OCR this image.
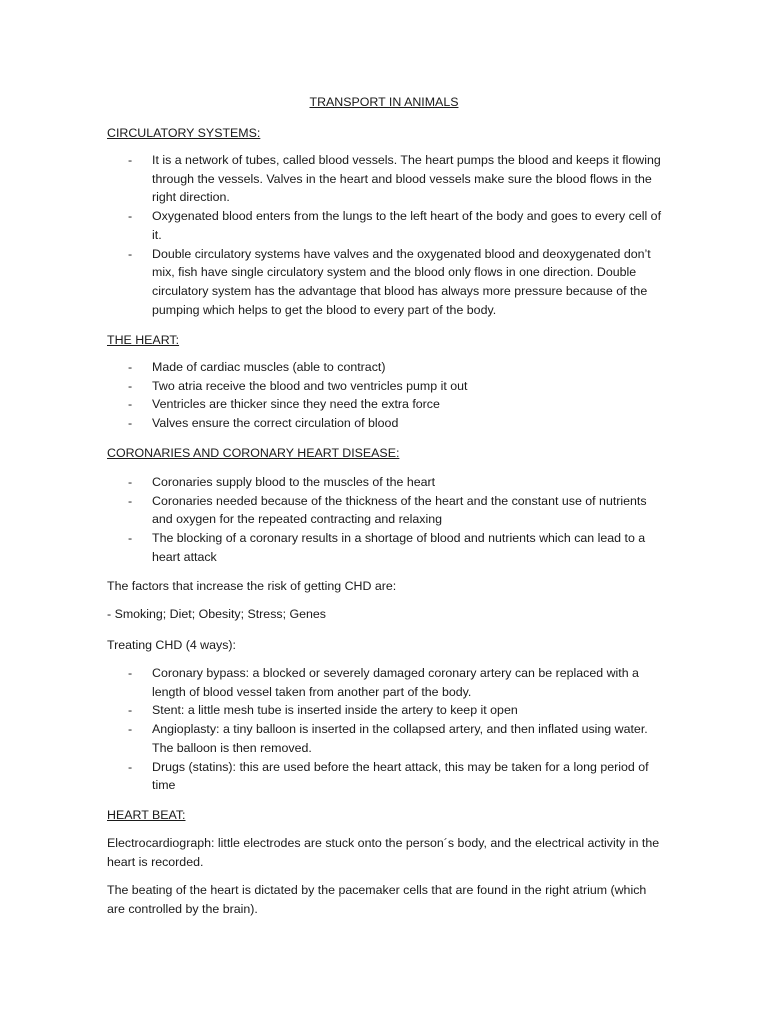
TRANSPORT IN ANIMALS
CIRCULATORY SYSTEMS:
- It is a network of tubes, called blood vessels. The heart pumps the blood and keeps it flowing through the vessels. Valves in the heart and blood vessels make sure the blood flows in the right direction.
- Oxygenated blood enters from the lungs to the left heart of the body and goes to every cell of it.
- Double circulatory systems have valves and the oxygenated blood and deoxygenated don’t mix, fish have single circulatory system and the blood only flows in one direction. Double circulatory system has the advantage that blood has always more pressure because of the pumping which helps to get the blood to every part of the body.
THE HEART:
- Made of cardiac muscles (able to contract)
- Two atria receive the blood and two ventricles pump it out
- Ventricles are thicker since they need the extra force
- Valves ensure the correct circulation of blood
CORONARIES AND CORONARY HEART DISEASE:
- Coronaries supply blood to the muscles of the heart
- Coronaries needed because of the thickness of the heart and the constant use of nutrients and oxygen for the repeated contracting and relaxing
- The blocking of a coronary results in a shortage of blood and nutrients which can lead to a heart attack
The factors that increase the risk of getting CHD are:
- Smoking; Diet; Obesity; Stress; Genes
Treating CHD (4 ways):
- Coronary bypass: a blocked or severely damaged coronary artery can be replaced with a length of blood vessel taken from another part of the body.
- Stent: a little mesh tube is inserted inside the artery to keep it open
- Angioplasty: a tiny balloon is inserted in the collapsed artery, and then inflated using water. The balloon is then removed.
- Drugs (statins): this are used before the heart attack, this may be taken for a long period of time
HEART BEAT:
Electrocardiograph: little electrodes are stuck onto the person´s body, and the electrical activity in the heart is recorded.
The beating of the heart is dictated by the pacemaker cells that are found in the right atrium (which are controlled by the brain).
